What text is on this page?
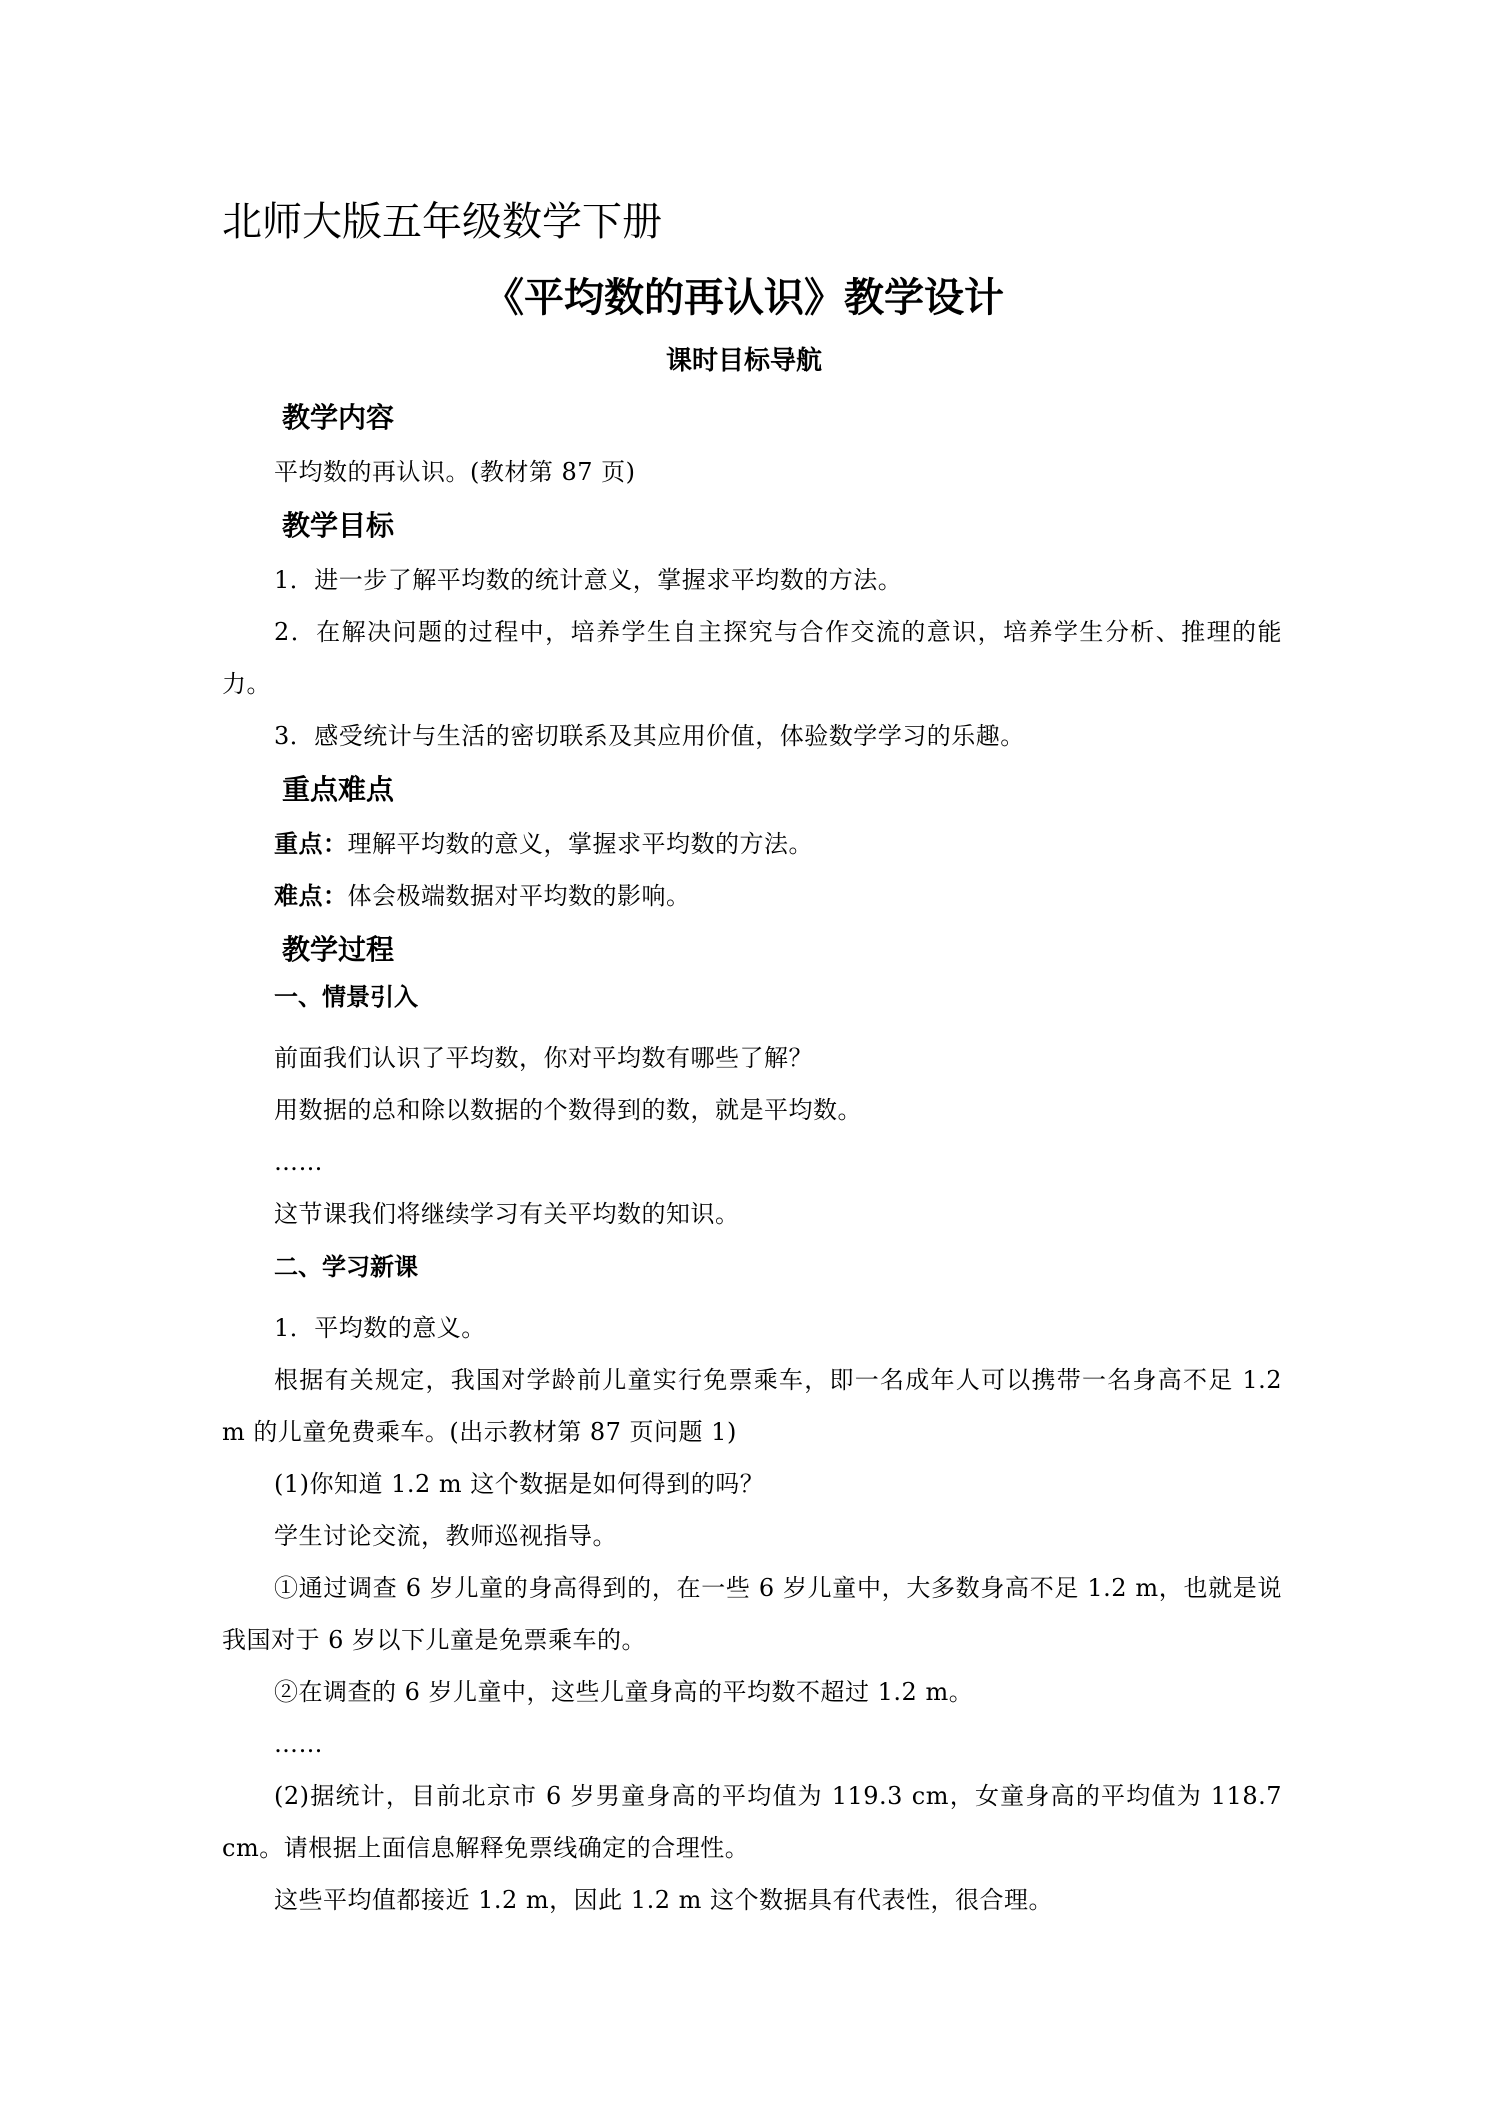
北师大版五年级数学下册
《平均数的再认识》教学设计
课时目标导航
教学内容

平均数的再认识。(教材第 87 页)

教学目标

1．进一步了解平均数的统计意义，掌握求平均数的方法。

2．在解决问题的过程中，培养学生自主探究与合作交流的意识，培养学生分析、推理的能力。

3．感受统计与生活的密切联系及其应用价值，体验数学学习的乐趣。

重点难点

重点：理解平均数的意义，掌握求平均数的方法。

难点：体会极端数据对平均数的影响。

教学过程
一、情景引入

前面我们认识了平均数，你对平均数有哪些了解？

用数据的总和除以数据的个数得到的数，就是平均数。

……

这节课我们将继续学习有关平均数的知识。

二、学习新课

1．平均数的意义。

根据有关规定，我国对学龄前儿童实行免票乘车，即一名成年人可以携带一名身高不足 1.2 m 的儿童免费乘车。(出示教材第 87 页问题 1)

(1)你知道 1.2 m 这个数据是如何得到的吗？

学生讨论交流，教师巡视指导。

①通过调查 6 岁儿童的身高得到的，在一些 6 岁儿童中，大多数身高不足 1.2 m，也就是说我国对于 6 岁以下儿童是免票乘车的。

②在调查的 6 岁儿童中，这些儿童身高的平均数不超过 1.2 m。

……

(2)据统计，目前北京市 6 岁男童身高的平均值为 119.3 cm，女童身高的平均值为 118.7 cm。请根据上面信息解释免票线确定的合理性。

这些平均值都接近 1.2 m，因此 1.2 m 这个数据具有代表性，很合理。
